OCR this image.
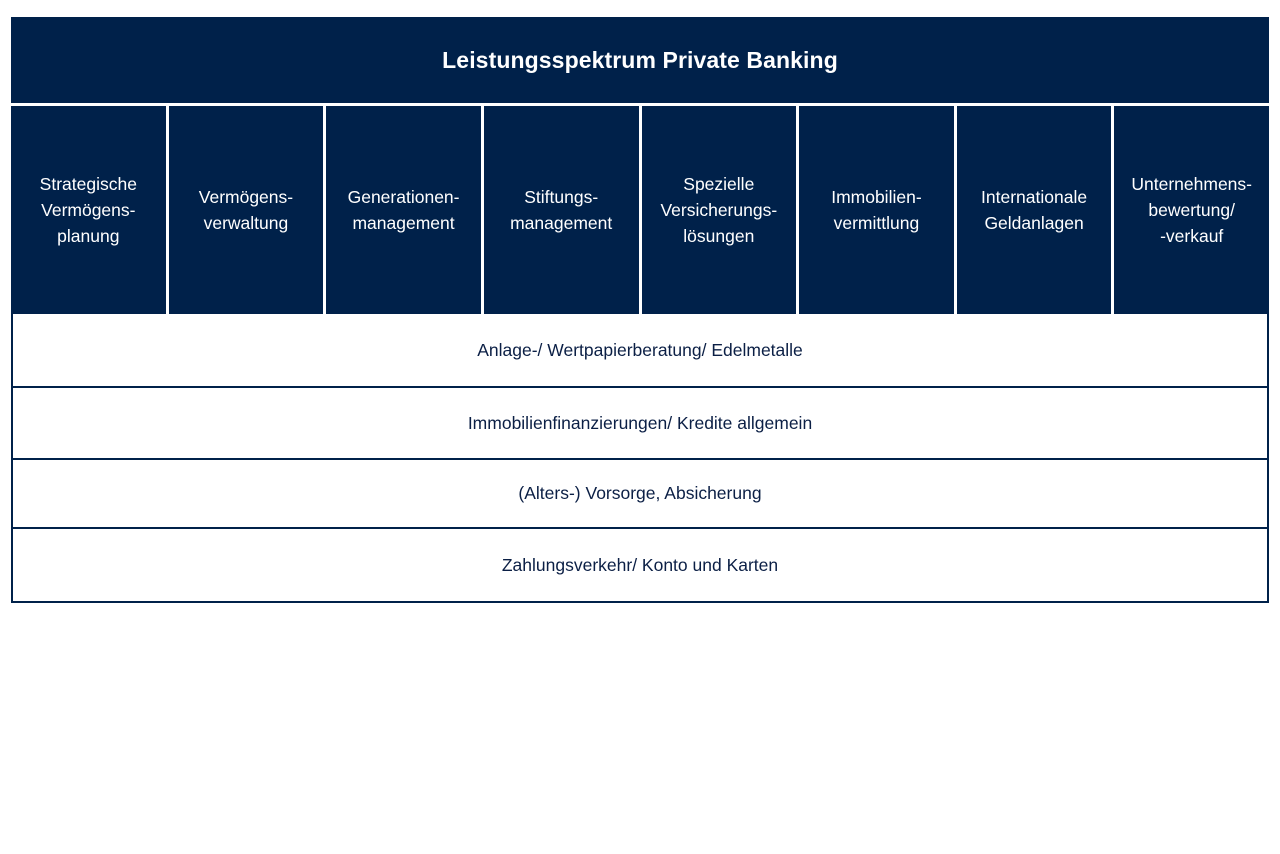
Leistungsspektrum Private Banking
Strategische
Vermögens-
planung
Vermögens-
verwaltung
Generationen-
management
Stiftungs-
management
Spezielle
Versicherungs-
lösungen
Immobilien-
vermittlung
Internationale
Geldanlagen
Unternehmens-
bewertung/
-verkauf
Anlage-/ Wertpapierberatung/ Edelmetalle
Immobilienfinanzierungen/ Kredite allgemein
(Alters-) Vorsorge, Absicherung
Zahlungsverkehr/ Konto und Karten
